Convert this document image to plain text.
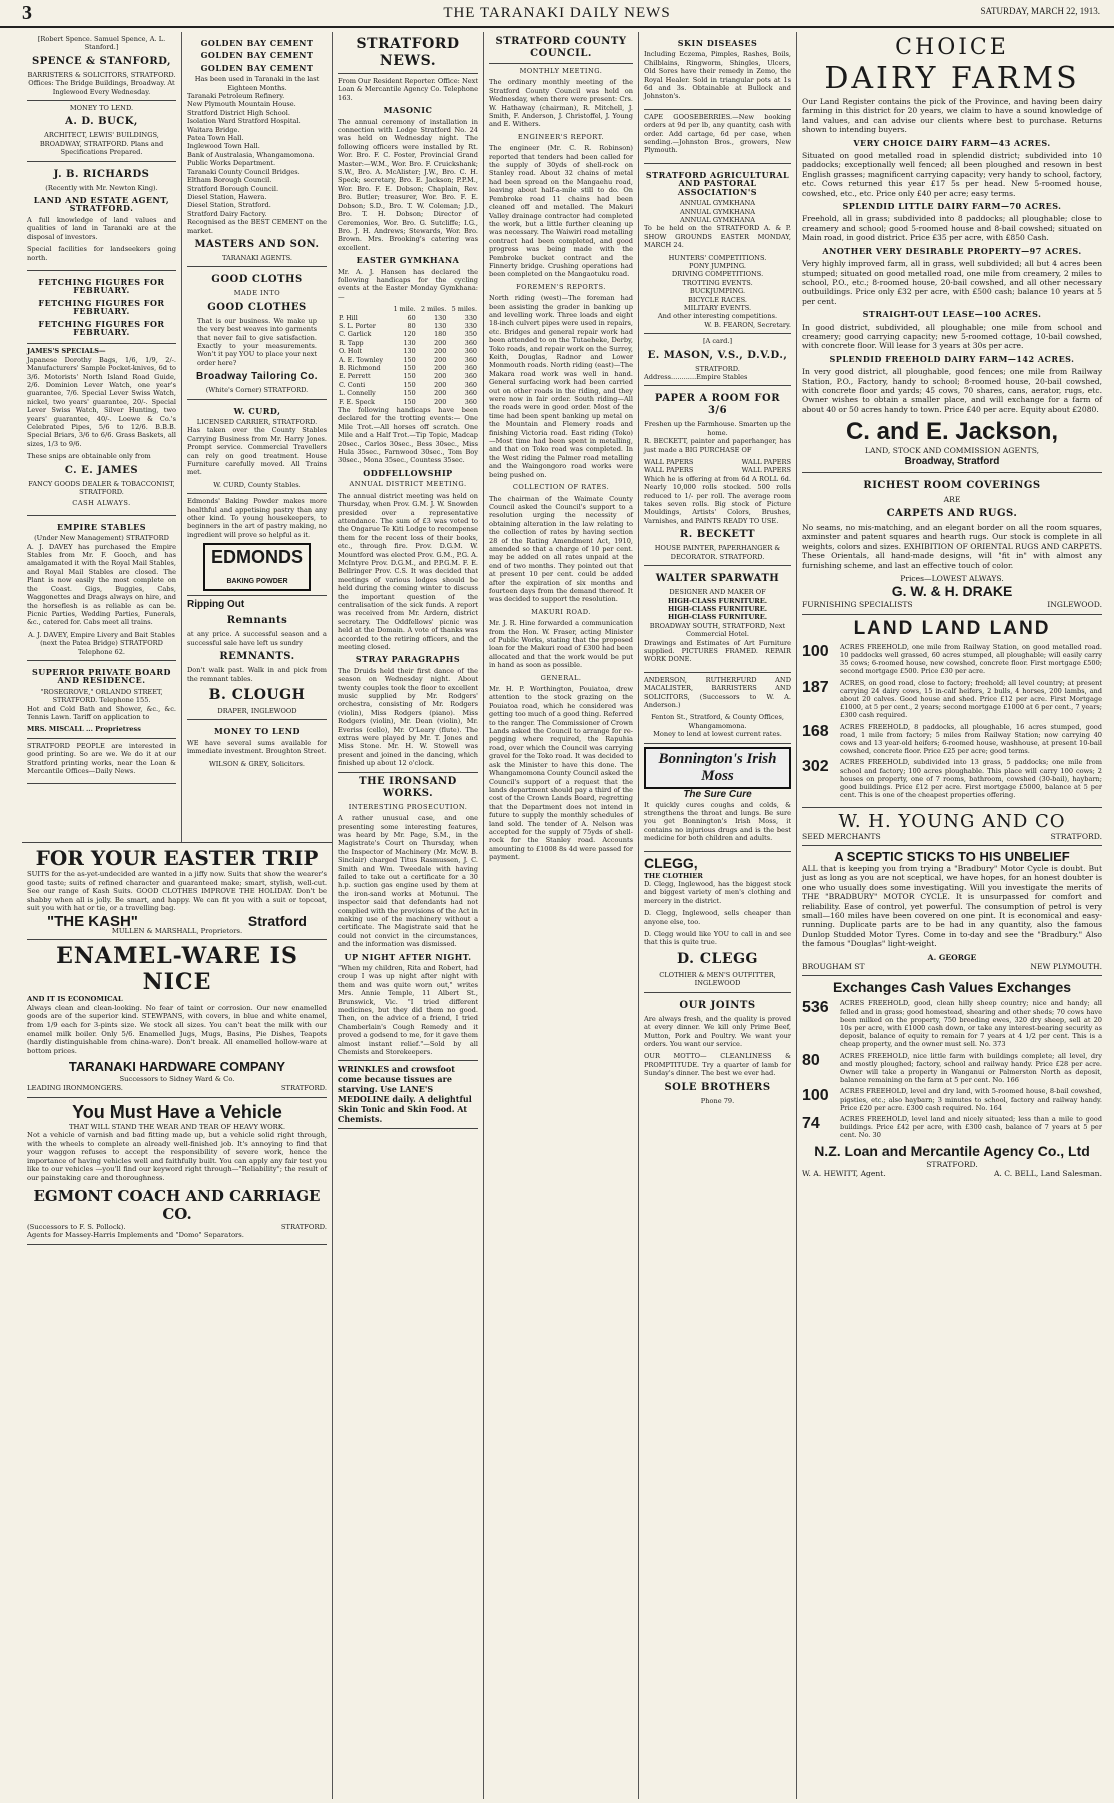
3	THE TARANAKI DAILY NEWS	SATURDAY, MARCH 22, 1913.
[Robert Spence. Samuel Spence, A. L. Stanford.]
SPENCE & STANFORD,
BARRISTERS & SOLICITORS, STRATFORD.
Offices: The Bridge Buildings, Broadway. At Inglewood Every Wednesday.
MONEY TO LEND.
A. D. BUCK,
ARCHITECT, LEWIS' BUILDINGS, BROADWAY, STRATFORD. Plans and Specifications Prepared.
J. B. RICHARDS
(Recently with Mr. Newton King).
LAND AND ESTATE AGENT, STRATFORD.

A full knowledge of land values and qualities of land in Taranaki are at the disposal of investors.

Special facilities for landseekers going north.

FETCHING FIGURES FOR FEBRUARY.
FETCHING FIGURES FOR FEBRUARY.
FETCHING FIGURES FOR FEBRUARY.
JAMES'S SPECIALS—

Japanese Dorothy Bags, 1/6, 1/9, 2/-. Manufacturers' Sample Pocket-knives, 6d to 3/6. Motorists' North Island Road Guide, 2/6. Dominion Lever Watch, one year's guarantee, 7/6. Special Lever Swiss Watch, nickel, two years' guarantee, 20/-. Special Lever Swiss Watch, Silver Hunting, two years' guarantee, 40/-. Loewe & Co.'s Celebrated Pipes, 5/6 to 12/6. B.B.B. Special Briars, 3/6 to 6/6. Grass Baskets, all sizes, 1/3 to 9/6.

These snips are obtainable only from

C. E. JAMES
FANCY GOODS DEALER & TOBACCONIST, STRATFORD.
CASH ALWAYS.
EMPIRE STABLES
(Under New Management) STRATFORD

A. J. DAVEY has purchased the Empire Stables from Mr. F. Gooch, and has amalgamated it with the Royal Mail Stables, and Royal Mail Stables are closed. The Plant is now easily the most complete on the Coast. Gigs, Buggies, Cabs, Waggonettes and Drags always on hire, and the horseflesh is as reliable as can be. Picnic Parties, Wedding Parties, Funerals, &c., catered for. Cabs meet all trains.

A. J. DAVEY, Empire Livery and Bait Stables (next the Patea Bridge) STRATFORD Telephone 62.
SUPERIOR PRIVATE BOARD AND RESIDENCE.
"ROSEGROVE," ORLANDO STREET, STRATFORD. Telephone 155.

Hot and Cold Bath and Shower, &c., &c. Tennis Lawn. Tariff on application to

MRS. MISCALL ... Proprietress

STRATFORD PEOPLE are interested in good printing. So are we. We do it at our Stratford printing works, near the Loan & Mercantile Offices—Daily News.

GOLDEN BAY CEMENT
GOLDEN BAY CEMENT
GOLDEN BAY CEMENT
Has been used in Taranaki in the last Eighteen Months.
Taranaki Petroleum Refinery.
New Plymouth Mountain House.
Stratford District High School.
Isolation Ward Stratford Hospital.
Waitara Bridge.
Patea Town Hall.
Inglewood Town Hall.
Bank of Australasia, Whangamomona.
Public Works Department.
Taranaki County Council Bridges.
Eltham Borough Council.
Stratford Borough Council.
Diesel Station, Hawera.
Diesel Station, Stratford.
Stratford Dairy Factory.

Recognised as the BEST CEMENT on the market.

MASTERS AND SON.
TARANAKI AGENTS.
GOOD CLOTHS
MADE INTO
GOOD CLOTHES

That is our business. We make up the very best weaves into garments that never fail to give satisfaction. Exactly to your measurements. Won't it pay YOU to place your next order here?

Broadway Tailoring Co.
(White's Corner) STRATFORD.
W. CURD,
LICENSED CARRIER, STRATFORD.

Has taken over the County Stables Carrying Business from Mr. Harry Jones. Prompt service. Commercial Travellers can rely on good treatment. House Furniture carefully moved. All Trains met.

W. CURD, County Stables.

Edmonds' Baking Powder makes more healthful and appetising pastry than any other kind. To young housekeepers, to beginners in the art of pastry making, no ingredient will prove so helpful as it.

EDMONDS
BAKING POWDER
Ripping Out
Remnants

at any price. A successful season and a successful sale have left us sundry

REMNANTS.

Don't walk past. Walk in and pick from the remnant tables.

B. CLOUGH
DRAPER, INGLEWOOD
MONEY TO LEND

WE have several sums available for immediate investment. Broughton Street.

WILSON & GREY, Solicitors.
STRATFORD NEWS.

From Our Resident Reporter. Office: Next Loan & Mercantile Agency Co. Telephone 163.

MASONIC

The annual ceremony of installation in connection with Lodge Stratford No. 24 was held on Wednesday night. The following officers were installed by Rt. Wor. Bro. F. C. Foster, Provincial Grand Master:—W.M., Wor. Bro. F. Cruickshank; S.W., Bro. A. McAlister; J.W., Bro. C. H. Speck; secretary, Bro. E. Jackson; P.P.M., Wor. Bro. F. E. Dobson; Chaplain, Rev. Bro. Butler; treasurer, Wor. Bro. F. E. Dobson; S.D., Bro. T. W. Coleman; J.D., Bro. T. H. Dobson; Director of Ceremonies, Wor. Bro. G. Sutcliffe; I.G., Bro. J. H. Andrews; Stewards, Wor. Bro. Brown. Mrs. Brooking's catering was excellent.

EASTER GYMKHANA

Mr. A. J. Hansen has declared the following handicaps for the cycling events at the Easter Monday Gymkhana:—

	1 mile.	2 miles.	5 miles.
P. Hill	60	130	330
S. L. Porter	80	130	330
C. Garlick	120	180	350
R. Tapp	130	200	360
O. Holt	130	200	360
A. E. Townley	150	200	360
B. Richmond	150	200	360
E. Perrett	150	200	360
C. Conti	150	200	360
L. Connelly	150	200	360
F. E. Speck	150	200	360

The following handicaps have been declared for the trotting events:— One Mile Trot.—All horses off scratch. One Mile and a Half Trot.—Tip Topic, Madcap 20sec., Carlos 30sec., Bess 30sec., Miss Hula 35sec., Farnwood 30sec., Tom Boy 30sec., Mona 35sec., Countess 35sec.

ODDFELLOWSHIP
ANNUAL DISTRICT MEETING.

The annual district meeting was held on Thursday, when Prov. G.M. J. W. Snowden presided over a representative attendance. The sum of £3 was voted to the Ongarue Te Kiti Lodge to recompense them for the recent loss of their books, etc., through fire. Prov. D.G.M. W. Mountford was elected Prov. G.M., P.G. A. McIntyre Prov. D.G.M., and P.P.G.M. F. E. Bellringer Prov. C.S. It was decided that meetings of various lodges should be held during the coming winter to discuss the important question of the centralisation of the sick funds. A report was received from Mr. Ardern, district secretary. The Oddfellows' picnic was held at the Domain. A vote of thanks was accorded to the retiring officers, and the meeting closed.

STRAY PARAGRAPHS

The Druids held their first dance of the season on Wednesday night. About twenty couples took the floor to excellent music supplied by Mr. Rodgers' orchestra, consisting of Mr. Rodgers (violin), Miss Rodgers (piano). Miss Rodgers (violin), Mr. Dean (violin), Mr. Everiss (cello), Mr. O'Leary (flute). The extras were played by Mr. T. Jones and Miss Stone. Mr. H. W. Stowell was present and joined in the dancing, which finished up about 12 o'clock.

THE IRONSAND WORKS.
INTERESTING PROSECUTION.

A rather unusual case, and one presenting some interesting features, was heard by Mr. Page, S.M., in the Magistrate's Court on Thursday, when the Inspector of Machinery (Mr. McW. B. Sinclair) charged Titus Rasmussen, J. C. Smith and Wm. Tweedale with having failed to take out a certificate for a 30 h.p. suction gas engine used by them at the iron-sand works at Motunui. The inspector said that defendants had not complied with the provisions of the Act in making use of the machinery without a certificate. The Magistrate said that he could not convict in the circumstances, and the information was dismissed.

UP NIGHT AFTER NIGHT.

"When my children, Rita and Robert, had croup I was up night after night with them and was quite worn out," writes Mrs. Annie Temple, 11 Albert St., Brunswick, Vic. "I tried different medicines, but they did them no good. Then, on the advice of a friend, I tried Chamberlain's Cough Remedy and it proved a godsend to me, for it gave them almost instant relief."—Sold by all Chemists and Storekeepers.

WRINKLES and crowsfoot come because tissues are starving. Use LANE'S MEDOLINE daily. A delightful Skin Tonic and Skin Food. At Chemists.
STRATFORD COUNTY COUNCIL.
MONTHLY MEETING.

The ordinary monthly meeting of the Stratford County Council was held on Wednesday, when there were present: Crs. W. Hathaway (chairman), R. Mitchell, J. Smith, F. Anderson, J. Christoffel, J. Young and E. Withers.

ENGINEER'S REPORT.

The engineer (Mr. C. R. Robinson) reported that tenders had been called for the supply of 30yds of shell-rock on Stanley road. About 32 chains of metal had been spread on the Mangaehu road, leaving about half-a-mile still to do. On Pembroke road 11 chains had been cleaned off and metalled. The Makuri Valley drainage contractor had completed the work, but a little further cleaning up was necessary. The Waiwiri road metalling contract had been completed, and good progress was being made with the Pembroke bucket contract and the Finnerty bridge. Crushing operations had been completed on the Mangaotuku road.

FOREMEN'S REPORTS.

North riding (west)—The foreman had been assisting the grader in banking up and levelling work. Three loads and eight 18-inch culvert pipes were used in repairs, etc. Bridges and general repair work had been attended to on the Tutaeheke, Derby, Toko roads, and repair work on the Surrey, Keith, Douglas, Radnor and Lower Monmouth roads. North riding (east)—The Makara road work was well in hand. General surfacing work had been carried out on other roads in the riding, and they were now in fair order. South riding—All the roads were in good order. Most of the time had been spent banking up metal on the Mountain and Flemery roads and finishing Victoria road. East riding (Toko)—Most time had been spent in metalling, and that on Toko road was completed. In the West riding the Palmer road metalling and the Waingongoro road works were being pushed on.

COLLECTION OF RATES.

The chairman of the Waimate County Council asked the Council's support to a resolution urging the necessity of obtaining alteration in the law relating to the collection of rates by having section 28 of the Rating Amendment Act, 1910, amended so that a charge of 10 per cent. may be added on all rates unpaid at the end of two months. They pointed out that at present 10 per cent. could be added after the expiration of six months and fourteen days from the demand thereof. It was decided to support the resolution.

MAKURI ROAD.

Mr. J. R. Hine forwarded a communication from the Hon. W. Fraser, acting Minister of Public Works, stating that the proposed loan for the Makuri road of £300 had been allocated and that the work would be put in hand as soon as possible.

GENERAL.

Mr. H. P. Worthington, Pouiatoa, drew attention to the stock grazing on the Pouiatoa road, which he considered was getting too much of a good thing. Referred to the ranger. The Commissioner of Crown Lands asked the Council to arrange for re-pegging where required, the Rapuhia road, over which the Council was carrying gravel for the Toko road. It was decided to ask the Minister to have this done. The Whangamomona County Council asked the Council's support of a request that the lands department should pay a third of the cost of the Crown Lands Board, regretting that the Department does not intend in future to supply the monthly schedules of land sold. The tender of A. Nelson was accepted for the supply of 75yds of shell-rock for the Stanley road. Accounts amounting to £1008 8s 4d were passed for payment.

SKIN DISEASES

Including Eczema, Pimples, Rashes, Boils, Chilblains, Ringworm, Shingles, Ulcers, Old Sores have their remedy in Zemo, the Royal Healer. Sold in triangular pots at 1s 6d and 3s. Obtainable at Bullock and Johnston's.

CAPE GOOSEBERRIES.—New booking orders at 9d per lb, any quantity, cash with order. Add cartage, 6d per case, when sending.—Johnston Bros., growers, New Plymouth.

STRATFORD AGRICULTURAL AND PASTORAL ASSOCIATION'S
ANNUAL GYMKHANA
ANNUAL GYMKHANA
ANNUAL GYMKHANA

To be held on the STRATFORD A. & P. SHOW GROUNDS EASTER MONDAY, MARCH 24.

HUNTERS' COMPETITIONS.
PONY JUMPING.
DRIVING COMPETITIONS.
TROTTING EVENTS.
BUCKJUMPING.
BICYCLE RACES.
MILITARY EVENTS.
And other interesting competitions.
W. B. FEARON, Secretary.
[A card.]
E. MASON, V.S., D.V.D.,
STRATFORD.
Address............Empire Stables
PAPER A ROOM FOR 3/6
Freshen up the Farmhouse. Smarten up the home.

R. BECKETT, painter and paperhanger, has just made a BIG PURCHASE OF

WALL PAPERS	WALL PAPERS
WALL PAPERS	WALL PAPERS

Which he is offering at from 6d A ROLL 6d. Nearly 10,000 rolls stocked. 500 rolls reduced to 1/- per roll. The average room takes seven rolls. Big stock of Picture Mouldings, Artists' Colors, Brushes, Varnishes, and PAINTS READY TO USE.

R. BECKETT
HOUSE PAINTER, PAPERHANGER & DECORATOR. STRATFORD.
WALTER SPARWATH
DESIGNER AND MAKER OF
HIGH-CLASS FURNITURE.
HIGH-CLASS FURNITURE.
HIGH-CLASS FURNITURE.
BROADWAY SOUTH, STRATFORD, Next Commercial Hotel.

Drawings and Estimates of Art Furniture supplied. PICTURES FRAMED. REPAIR WORK DONE.

ANDERSON, RUTHERFURD AND MACALISTER, BARRISTERS AND SOLICITORS, (Successors to W. A. Anderson.)

Fenton St., Stratford, & County Offices, Whangamomona.
Money to lend at lowest current rates.
Bonnington's Irish Moss
The Sure Cure

It quickly cures coughs and colds, & strengthens the throat and lungs. Be sure you get Bonnington's Irish Moss, it contains no injurious drugs and is the best medicine for both children and adults.

CLEGG,
THE CLOTHIER

D. Clegg, Inglewood, has the biggest stock and biggest variety of men's clothing and mercery in the district.

D. Clegg, Inglewood, sells cheaper than anyone else, too.

D. Clegg would like YOU to call in and see that this is quite true.

D. CLEGG
CLOTHIER & MEN'S OUTFITTER, INGLEWOOD
OUR JOINTS

Are always fresh, and the quality is proved at every dinner. We kill only Prime Beef, Mutton, Pork and Poultry. We want your orders. You want our service.

OUR MOTTO— CLEANLINESS & PROMPTITUDE. Try a quarter of lamb for Sunday's dinner. The best we ever had.

SOLE BROTHERS
Phone 79.
CHOICE
DAIRY FARMS

Our Land Register contains the pick of the Province, and having been dairy farming in this district for 20 years, we claim to have a sound knowledge of land values, and can advise our clients where best to purchase. Returns shown to intending buyers.

VERY CHOICE DAIRY FARM—43 ACRES.

Situated on good metalled road in splendid district; subdivided into 10 paddocks; exceptionally well fenced; all been ploughed and resown in best English grasses; magnificent carrying capacity; very handy to school, factory, etc. Cows returned this year £17 5s per head. New 5-roomed house, cowshed, etc., etc. Price only £40 per acre; easy terms.

SPLENDID LITTLE DAIRY FARM—70 ACRES.

Freehold, all in grass; subdivided into 8 paddocks; all ploughable; close to creamery and school; good 5-roomed house and 8-bail cowshed; situated on Main road, in good district. Price £35 per acre, with £850 Cash.

ANOTHER VERY DESIRABLE PROPERTY—97 ACRES.

Very highly improved farm, all in grass, well subdivided; all but 4 acres been stumped; situated on good metalled road, one mile from creamery, 2 miles to school, P.O., etc.; 8-roomed house, 20-bail cowshed, and all other necessary outbuildings. Price only £32 per acre, with £500 cash; balance 10 years at 5 per cent.

STRAIGHT-OUT LEASE—100 ACRES.

In good district, subdivided, all ploughable; one mile from school and creamery; good carrying capacity; new 5-roomed cottage, 10-bail cowshed, with concrete floor. Will lease for 3 years at 30s per acre.

SPLENDID FREEHOLD DAIRY FARM—142 ACRES.

In very good district, all ploughable, good fences; one mile from Railway Station, P.O., Factory, handy to school; 8-roomed house, 20-bail cowshed, with concrete floor and yards; 45 cows, 70 shares, cans, aerator, rugs, etc. Owner wishes to obtain a smaller place, and will exchange for a farm of about 40 or 50 acres handy to town. Price £40 per acre. Equity about £2080.

C. and E. Jackson,
LAND, STOCK AND COMMISSION AGENTS,
Broadway, Stratford
RICHEST ROOM COVERINGS
ARE
CARPETS AND RUGS.

No seams, no mis-matching, and an elegant border on all the room squares, axminster and patent squares and hearth rugs. Our stock is complete in all weights, colors and sizes. EXHIBITION OF ORIENTAL RUGS AND CARPETS. These Orientals, all hand-made designs, will "fit in" with almost any furnishing scheme, and last an effective touch of color.

Prices—LOWEST ALWAYS.
G. W. & H. DRAKE
FURNISHING SPECIALISTS	INGLEWOOD.
LAND LAND LAND
100	ACRES FREEHOLD, one mile from Railway Station, on good metalled road. 10 paddocks well grassed, 60 acres stumped, all ploughable; will easily carry 35 cows; 6-roomed house, new cowshed, concrete floor. First mortgage £500; second mortgage £500. Price £30 per acre.
187	ACRES, on good road, close to factory; freehold; all level country; at present carrying 24 dairy cows, 15 in-calf heifers, 2 bulls, 4 horses, 200 lambs, and about 20 calves. Good house and shed. Price £12 per acre. First Mortgage £1000, at 5 per cent., 2 years; second mortgage £1000 at 6 per cent., 7 years; £300 cash required.
168	ACRES FREEHOLD, 8 paddocks, all ploughable, 16 acres stumped, good road, 1 mile from factory; 5 miles from Railway Station; now carrying 40 cows and 13 year-old heifers; 6-roomed house, washhouse, at present 10-bail cowshed, concrete floor. Price £25 per acre; good terms.
302	ACRES FREEHOLD, subdivided into 13 grass, 5 paddocks; one mile from school and factory; 100 acres ploughable. This place will carry 100 cows; 2 houses on property, one of 7 rooms, bathroom, cowshed (30-bail), haybarn; good buildings. Price £12 per acre. First mortgage £5000, balance at 5 per cent. This is one of the cheapest properties offering.
W. H. YOUNG AND CO
SEED MERCHANTS	STRATFORD.
A SCEPTIC STICKS TO HIS UNBELIEF

ALL that is keeping you from trying a "Bradbury" Motor Cycle is doubt. But just as long as you are not sceptical, we have hopes, for an honest doubter is one who usually does some investigating. Will you investigate the merits of THE "BRADBURY" MOTOR CYCLE. It is unsurpassed for comfort and reliability. Ease of control, yet powerful. The consumption of petrol is very small—160 miles have been covered on one pint. It is economical and easy-running. Duplicate parts are to be had in any quantity, also the famous Dunlop Studded Motor Tyres. Come in to-day and see the "Bradbury." Also the famous "Douglas" light-weight.

A. GEORGE
BROUGHAM ST	NEW PLYMOUTH.
Exchanges Cash Values Exchanges
536	ACRES FREEHOLD, good, clean hilly sheep country; nice and handy; all felled and in grass; good homestead, shearing and other sheds; 70 cows have been milked on the property, 750 breeding ewes, 320 dry sheep, sell at 20 10s per acre, with £1000 cash down, or take any interest-bearing security as deposit, balance of equity to remain for 7 years at 4 1/2 per cent. This is a cheap property, and the owner must sell. No. 373
80	ACRES FREEHOLD, nice little farm with buildings complete; all level, dry and mostly ploughed; factory, school and railway handy. Price £28 per acre. Owner will take a property in Wanganui or Palmerston North as deposit, balance remaining on the farm at 5 per cent. No. 166
100	ACRES FREEHOLD, level and dry land, with 5-roomed house, 8-bail cowshed, pigsties, etc.; also haybarn; 3 minutes to school, factory and railway handy. Price £20 per acre. £300 cash required. No. 164
74	ACRES FREEHOLD, level land and nicely situated; less than a mile to good buildings. Price £42 per acre, with £300 cash, balance of 7 years at 5 per cent. No. 30
N.Z. Loan and Mercantile Agency Co., Ltd
STRATFORD.
W. A. HEWITT, Agent.	A. C. BELL, Land Salesman.
FOR YOUR EASTER TRIP

SUITS for the as-yet-undecided are wanted in a jiffy now. Suits that show the wearer's good taste; suits of refined character and guaranteed make; smart, stylish, well-cut. See our range of Kash Suits. GOOD CLOTHES IMPROVE THE HOLIDAY. Don't be shabby when all is jolly. Be smart, and happy. We can fit you with a suit or topcoat, suit you with hat or tie, or a travelling bag.

"THE KASH"	Stratford
MULLEN & MARSHALL, Proprietors.
ENAMEL-WARE IS NICE
AND IT IS ECONOMICAL

Always clean and clean-looking. No fear of taint or corrosion. Our new enamelled goods are of the superior kind. STEWPANS, with covers, in blue and white enamel, from 1/9 each for 3-pints size. We stock all sizes. You can't beat the milk with our enamel milk boiler. Only 5/6. Enamelled Jugs, Mugs, Basins, Pie Dishes, Teapots (hardly distinguishable from china-ware). Don't break. All enamelled hollow-ware at bottom prices.

TARANAKI HARDWARE COMPANY
Successors to Sidney Ward & Co.
LEADING IRONMONGERS.	STRATFORD.
You Must Have a Vehicle
THAT WILL STAND THE WEAR AND TEAR OF HEAVY WORK.

Not a vehicle of varnish and bad fitting made up, but a vehicle solid right through, with the wheels to complete an already well-finished job. It's annoying to find that your waggon refuses to accept the responsibility of severe work, hence the importance of having vehicles well and faithfully built. You can apply any fair test you like to our vehicles —you'll find our keyword right through—"Reliability"; the result of our painstaking care and thoroughness.

EGMONT COACH AND CARRIAGE CO.
(Successors to F. S. Pollock).	STRATFORD.
Agents for Massey-Harris Implements and "Domo" Separators.
